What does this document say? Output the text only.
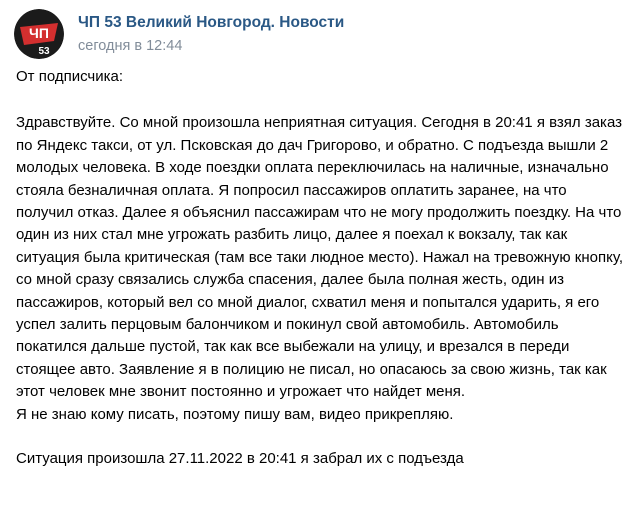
ЧП
53
ЧП 53 Великий Новгород. Новости
сегодня в 12:44

От подписчика:

Здравствуйте. Со мной произошла неприятная ситуация. Сегодня в 20:41 я взял заказ по Яндекс такси, от ул. Псковская до дач Григорово, и обратно. С подъезда вышли 2 молодых человека. В ходе поездки оплата переключилась на наличные, изначально стояла безналичная оплата. Я попросил пассажиров оплатить заранее, на что получил отказ. Далее я объяснил пассажирам что не могу продолжить поездку. На что один из них стал мне угрожать разбить лицо, далее я поехал к вокзалу, так как ситуация была критическая (там все таки людное место). Нажал на тревожную кнопку, со мной сразу связались служба спасения, далее была полная жесть, один из пассажиров, который вел со мной диалог, схватил меня и попытался ударить, я его успел залить перцовым балончиком и покинул свой автомобиль. Автомобиль покатился дальше пустой, так как все выбежали на улицу, и врезался в переди стоящее авто. Заявление я в полицию не писал, но опасаюсь за свою жизнь, так как этот человек мне звонит постоянно и угрожает что найдет меня.

Я не знаю кому писать, поэтому пишу вам, видео прикрепляю.

Ситуация произошла 27.11.2022 в 20:41 я забрал их с подъезда
